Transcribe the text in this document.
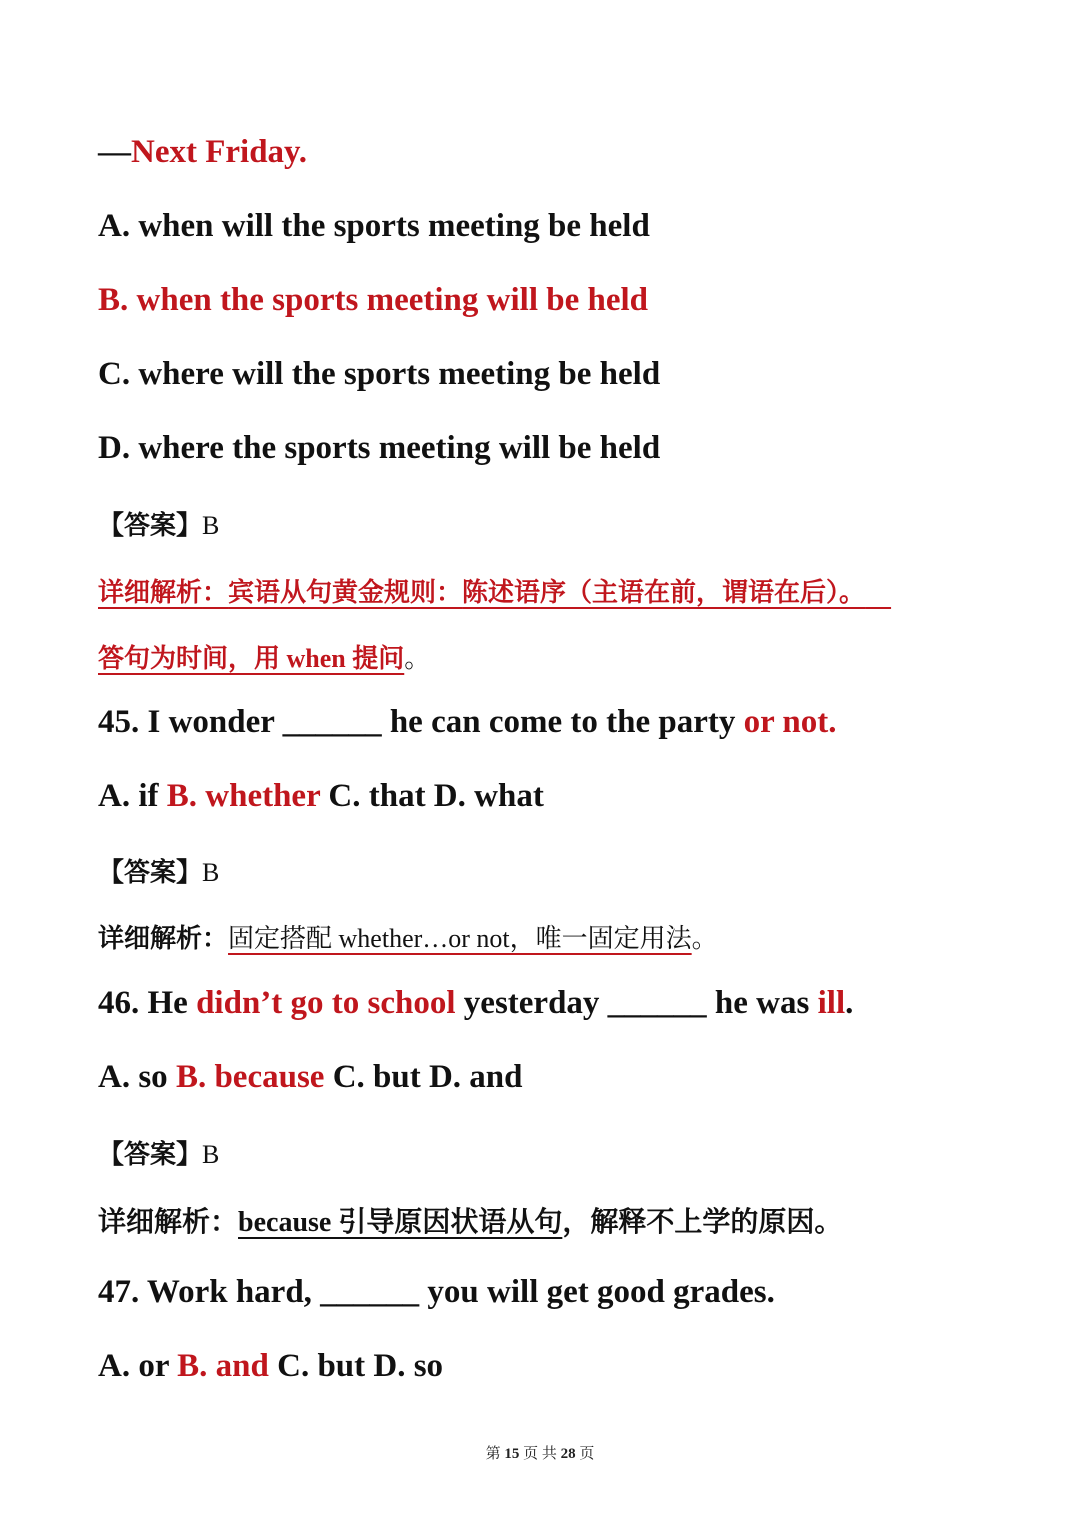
—Next Friday.
A. when will the sports meeting be held
B. when the sports meeting will be held
C. where will the sports meeting be held
D. where the sports meeting will be held
【答案】B
详细解析：宾语从句黄金规则：陈述语序（主语在前，谓语在后）。 
答句为时间，用 when 提问。
45. I wonder ______ he can come to the party or not.
A. if B. whether C. that D. what
【答案】B
详细解析：固定搭配 whether…or not，唯一固定用法。
46. He didn’t go to school yesterday ______ he was ill.
A. so B. because C. but D. and
【答案】B
详细解析：because 引导原因状语从句，解释不上学的原因。
47. Work hard, ______ you will get good grades.
A. or B. and C. but D. so
第 15 页 共 28 页
